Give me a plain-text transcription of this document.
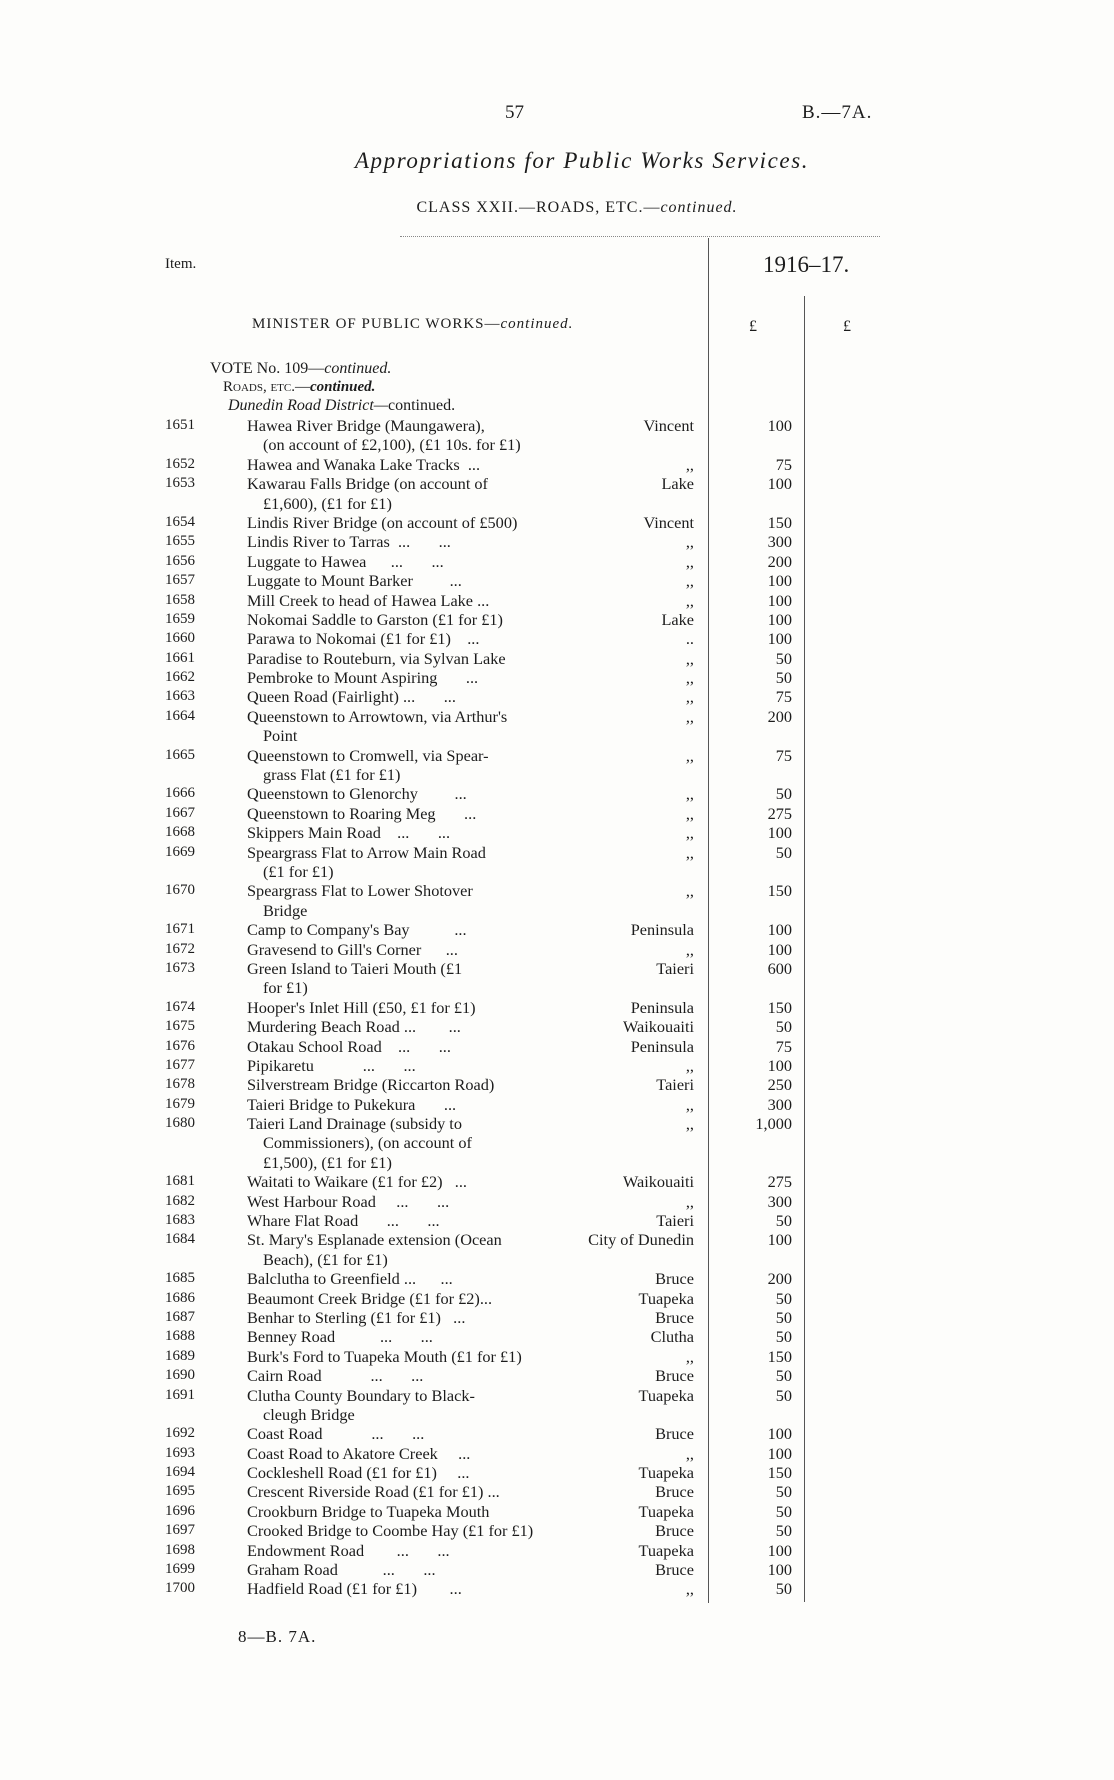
57	B.—7A.
Appropriations for Public Works Services.
CLASS XXII.—ROADS, ETC.—continued.
Item.	1916–17.
MINISTER OF PUBLIC WORKS—continued.	£	£
VOTE No. 109—continued.
Roads, etc.—continued.
Dunedin Road District—continued.
1651	Hawea River Bridge (Maungawera),	Vincent	100
(on account of £2,100), (£1 10s. for £1)
1652	Hawea and Wanaka Lake Tracks  ...	,,	75
1653	Kawarau Falls Bridge (on account of	Lake	100
£1,600), (£1 for £1)
1654	Lindis River Bridge (on account of £500)	Vincent	150
1655	Lindis River to Tarras  ...       ...	,,	300
1656	Luggate to Hawea      ...       ...	,,	200
1657	Luggate to Mount Barker         ...	,,	100
1658	Mill Creek to head of Hawea Lake ...	,,	100
1659	Nokomai Saddle to Garston (£1 for £1)	Lake	100
1660	Parawa to Nokomai (£1 for £1)    ...	..	100
1661	Paradise to Routeburn, via Sylvan Lake	,,	50
1662	Pembroke to Mount Aspiring       ...	,,	50
1663	Queen Road (Fairlight) ...       ...	,,	75
1664	Queenstown to Arrowtown, via Arthur's	,,	200
Point
1665	Queenstown to Cromwell, via Spear-	,,	75
grass Flat (£1 for £1)
1666	Queenstown to Glenorchy         ...	,,	50
1667	Queenstown to Roaring Meg       ...	,,	275
1668	Skippers Main Road    ...       ...	,,	100
1669	Speargrass Flat to Arrow Main Road	,,	50
(£1 for £1)
1670	Speargrass Flat to Lower Shotover	,,	150
Bridge
1671	Camp to Company's Bay           ...	Peninsula	100
1672	Gravesend to Gill's Corner      ...	,,	100
1673	Green Island to Taieri Mouth (£1	Taieri	600
for £1)
1674	Hooper's Inlet Hill (£50, £1 for £1)	Peninsula	150
1675	Murdering Beach Road ...        ...	Waikouaiti	50
1676	Otakau School Road    ...       ...	Peninsula	75
1677	Pipikaretu            ...       ...	,,	100
1678	Silverstream Bridge (Riccarton Road)	Taieri	250
1679	Taieri Bridge to Pukekura       ...	,,	300
1680	Taieri Land Drainage (subsidy to	,,	1,000
Commissioners), (on account of
£1,500), (£1 for £1)
1681	Waitati to Waikare (£1 for £2)   ...	Waikouaiti	275
1682	West Harbour Road     ...       ...	,,	300
1683	Whare Flat Road       ...       ...	Taieri	50
1684	St. Mary's Esplanade extension (Ocean	City of Dunedin	100
Beach), (£1 for £1)
1685	Balclutha to Greenfield ...      ...	Bruce	200
1686	Beaumont Creek Bridge (£1 for £2)...	Tuapeka	50
1687	Benhar to Sterling (£1 for £1)   ...	Bruce	50
1688	Benney Road           ...       ...	Clutha	50
1689	Burk's Ford to Tuapeka Mouth (£1 for £1)	,,	150
1690	Cairn Road            ...       ...	Bruce	50
1691	Clutha County Boundary to Black-	Tuapeka	50
cleugh Bridge
1692	Coast Road            ...       ...	Bruce	100
1693	Coast Road to Akatore Creek     ...	,,	100
1694	Cockleshell Road (£1 for £1)     ...	Tuapeka	150
1695	Crescent Riverside Road (£1 for £1) ...	Bruce	50
1696	Crookburn Bridge to Tuapeka Mouth	Tuapeka	50
1697	Crooked Bridge to Coombe Hay (£1 for £1)	Bruce	50
1698	Endowment Road        ...       ...	Tuapeka	100
1699	Graham Road           ...       ...	Bruce	100
1700	Hadfield Road (£1 for £1)        ...	,,	50
8—B. 7A.
